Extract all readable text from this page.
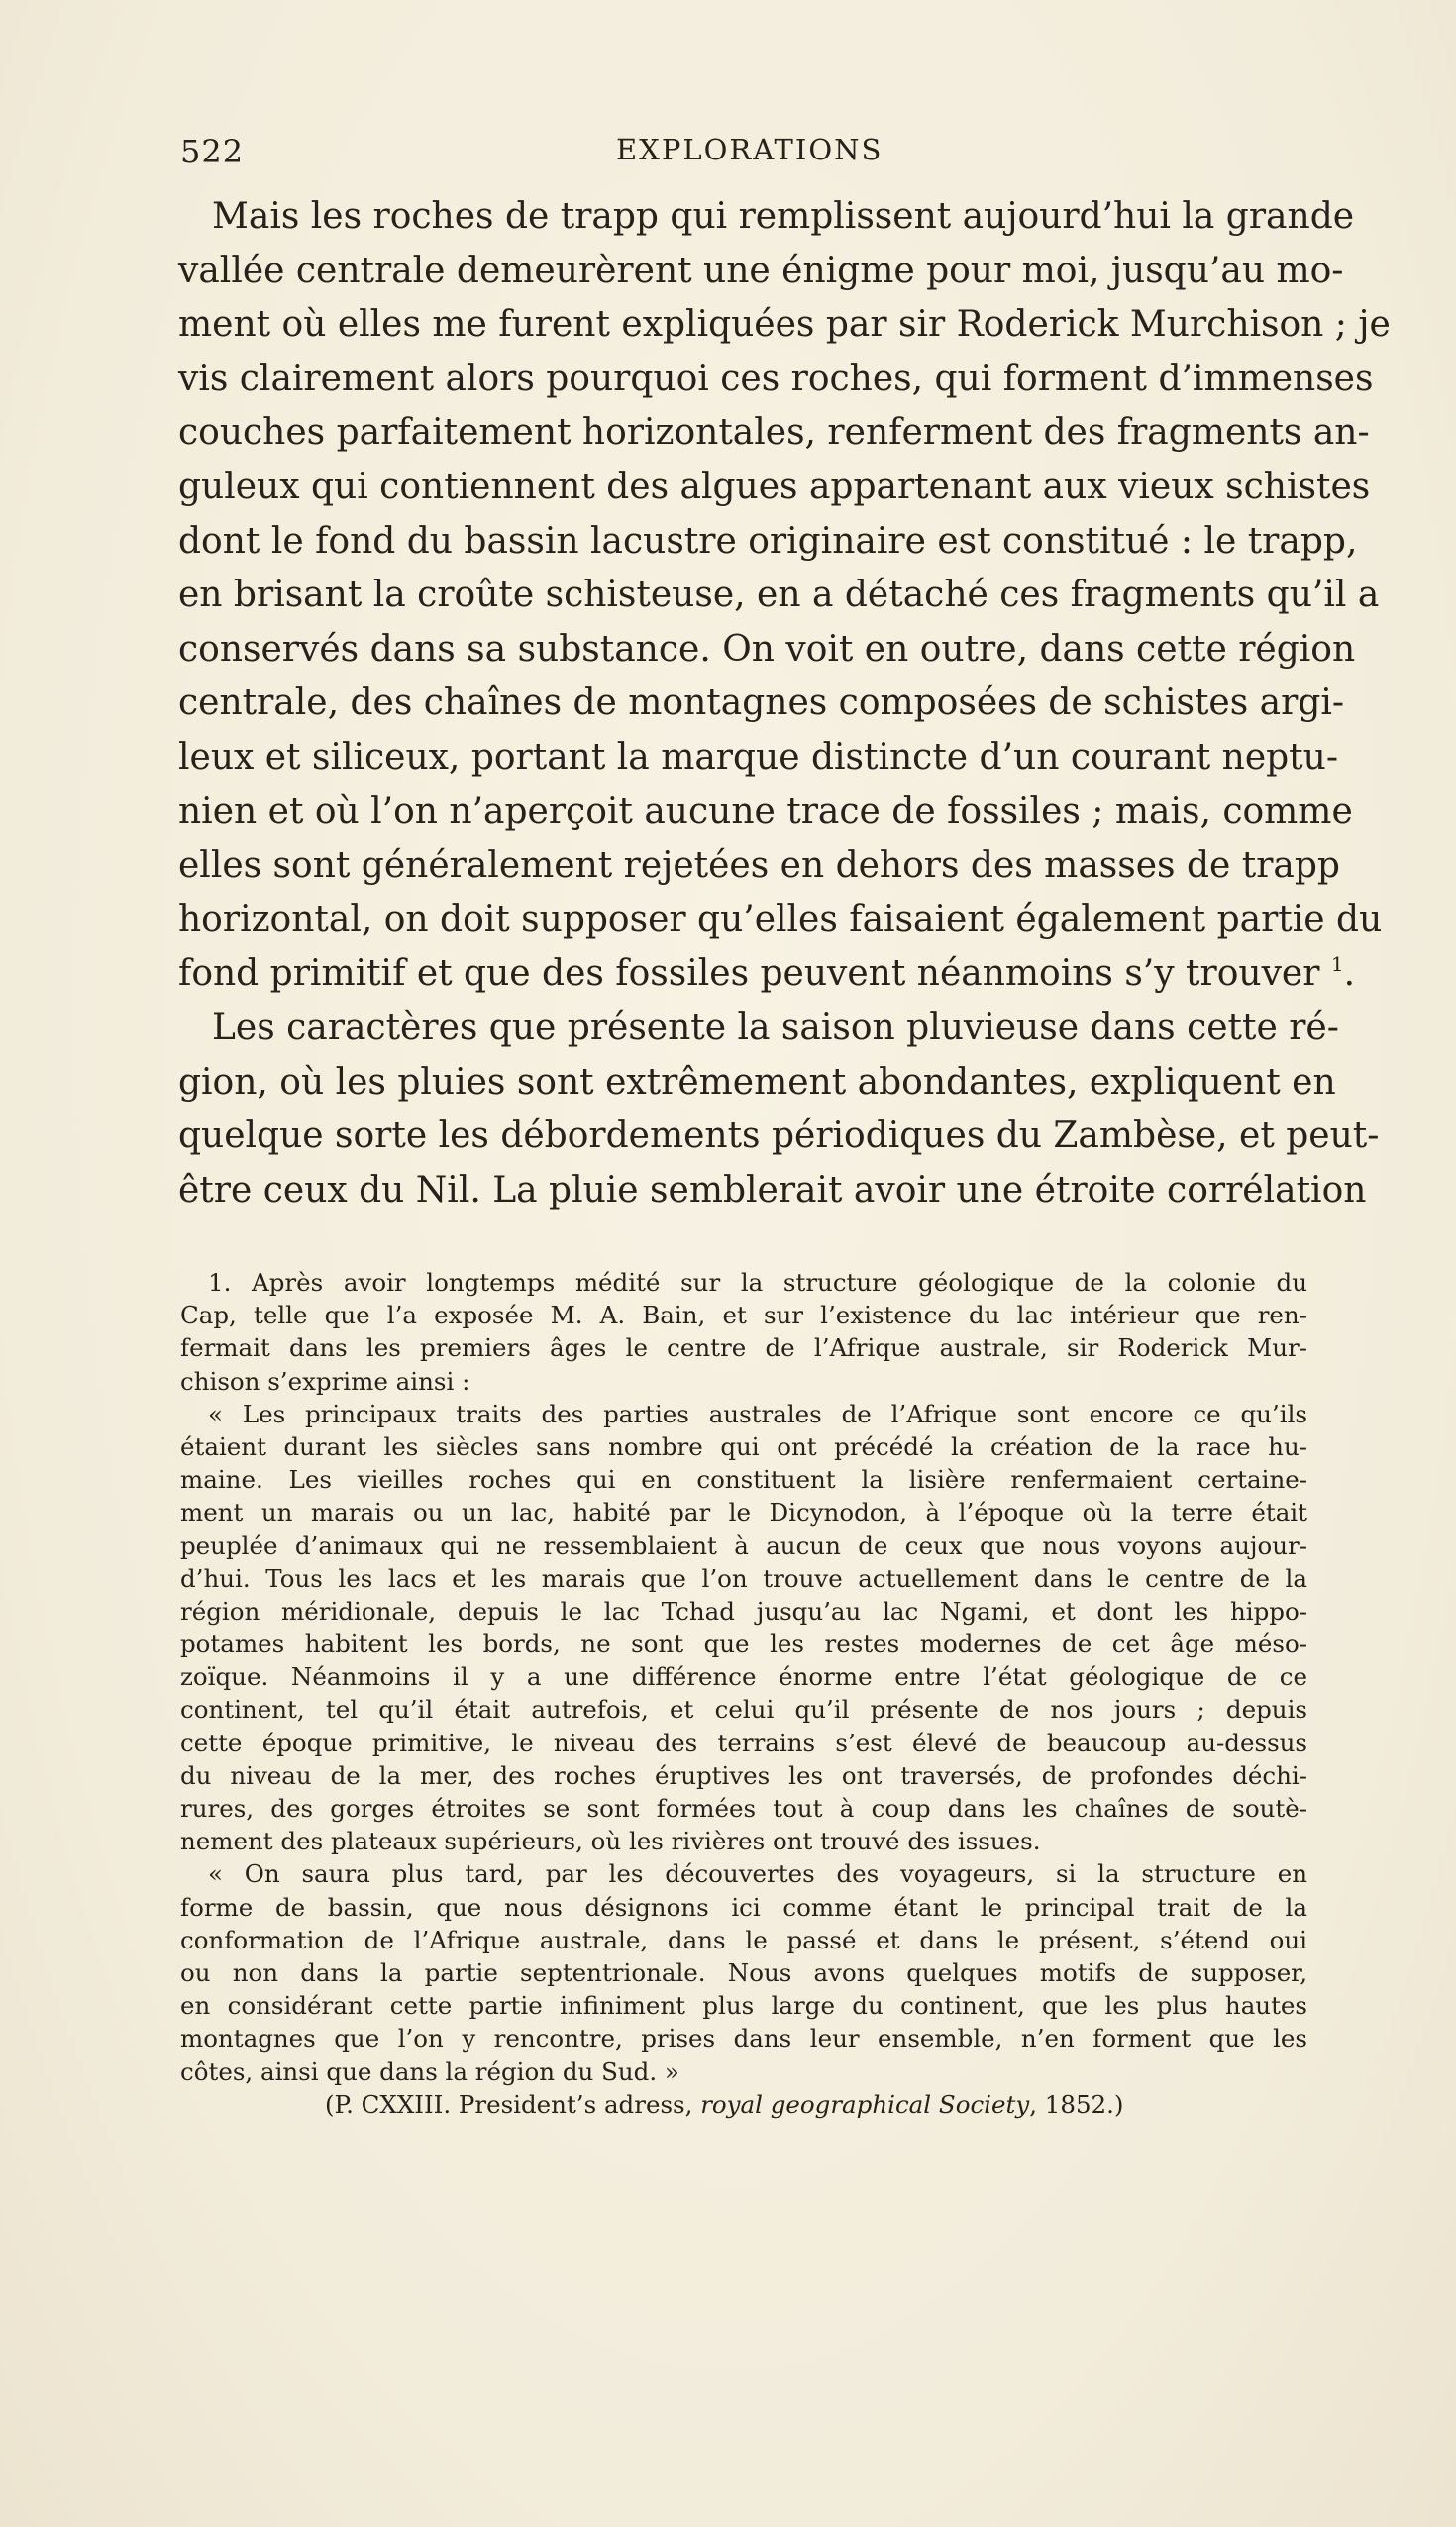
522	EXPLORATIONS
Mais les roches de trapp qui remplissent aujourd’hui la grande
vallée centrale demeurèrent une énigme pour moi, jusqu’au mo-
ment où elles me furent expliquées par sir Roderick Murchison ; je
vis clairement alors pourquoi ces roches, qui forment d’immenses
couches parfaitement horizontales, renferment des fragments an-
guleux qui contiennent des algues appartenant aux vieux schistes
dont le fond du bassin lacustre originaire est constitué : le trapp,
en brisant la croûte schisteuse, en a détaché ces fragments qu’il a
conservés dans sa substance. On voit en outre, dans cette région
centrale, des chaînes de montagnes composées de schistes argi-
leux et siliceux, portant la marque distincte d’un courant neptu-
nien et où l’on n’aperçoit aucune trace de fossiles ; mais, comme
elles sont généralement rejetées en dehors des masses de trapp
horizontal, on doit supposer qu’elles faisaient également partie du
fond primitif et que des fossiles peuvent néanmoins s’y trouver $^1$.
Les caractères que présente la saison pluvieuse dans cette ré-
gion, où les pluies sont extrêmement abondantes, expliquent en
quelque sorte les débordements périodiques du Zambèse, et peut-
être ceux du Nil. La pluie semblerait avoir une étroite corrélation
1. Après avoir longtemps médité sur la structure géologique de la colonie du
Cap, telle que l’a exposée M. A. Bain, et sur l’existence du lac intérieur que ren-
fermait dans les premiers âges le centre de l’Afrique australe, sir Roderick Mur-
chison s’exprime ainsi :
« Les principaux traits des parties australes de l’Afrique sont encore ce qu’ils
étaient durant les siècles sans nombre qui ont précédé la création de la race hu-
maine. Les vieilles roches qui en constituent la lisière renfermaient certaine-
ment un marais ou un lac, habité par le Dicynodon, à l’époque où la terre était
peuplée d’animaux qui ne ressemblaient à aucun de ceux que nous voyons aujour-
d’hui. Tous les lacs et les marais que l’on trouve actuellement dans le centre de la
région méridionale, depuis le lac Tchad jusqu’au lac Ngami, et dont les hippo-
potames habitent les bords, ne sont que les restes modernes de cet âge méso-
zoïque. Néanmoins il y a une différence énorme entre l’état géologique de ce
continent, tel qu’il était autrefois, et celui qu’il présente de nos jours ; depuis
cette époque primitive, le niveau des terrains s’est élevé de beaucoup au-dessus
du niveau de la mer, des roches éruptives les ont traversés, de profondes déchi-
rures, des gorges étroites se sont formées tout à coup dans les chaînes de soutè-
nement des plateaux supérieurs, où les rivières ont trouvé des issues.
« On saura plus tard, par les découvertes des voyageurs, si la structure en
forme de bassin, que nous désignons ici comme étant le principal trait de la
conformation de l’Afrique australe, dans le passé et dans le présent, s’étend oui
ou non dans la partie septentrionale. Nous avons quelques motifs de supposer,
en considérant cette partie infiniment plus large du continent, que les plus hautes
montagnes que l’on y rencontre, prises dans leur ensemble, n’en forment que les
côtes, ainsi que dans la région du Sud. »
(P. CXXIII. President’s adress, royal geographical Society, 1852.)
